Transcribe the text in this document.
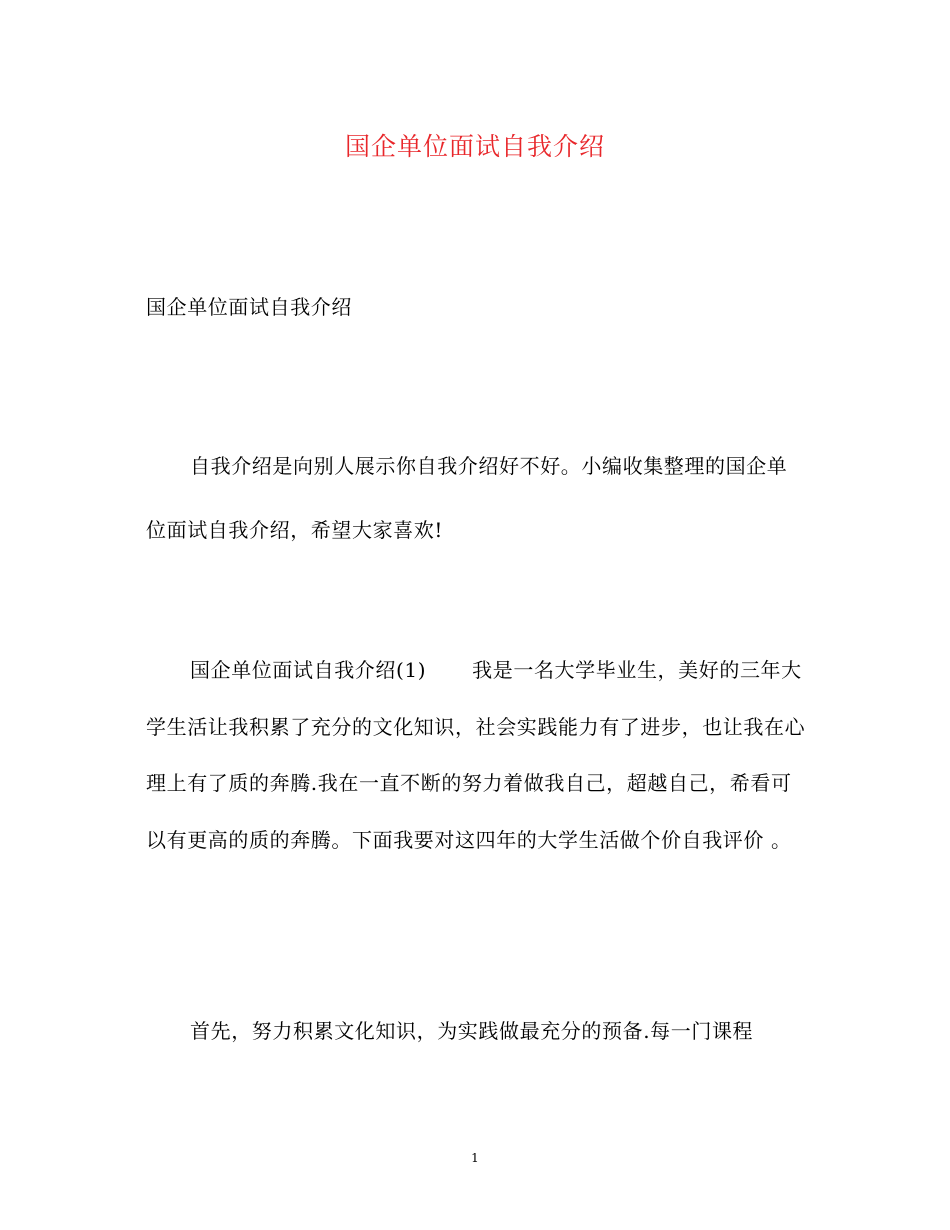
国企单位面试自我介绍
国企单位面试自我介绍
自我介绍是向别人展示你自我介绍好不好。小编收集整理的国企单位面试自我介绍，希望大家喜欢!
国企单位面试自我介绍(1) 我是一名大学毕业生，美好的三年大学生活让我积累了充分的文化知识，社会实践能力有了进步，也让我在心理上有了质的奔腾.我在一直不断的努力着做我自己，超越自己，希看可以有更高的质的奔腾。下面我要对这四年的大学生活做个价自我评价 。
首先，努力积累文化知识，为实践做最充分的预备.每一门课程
1
